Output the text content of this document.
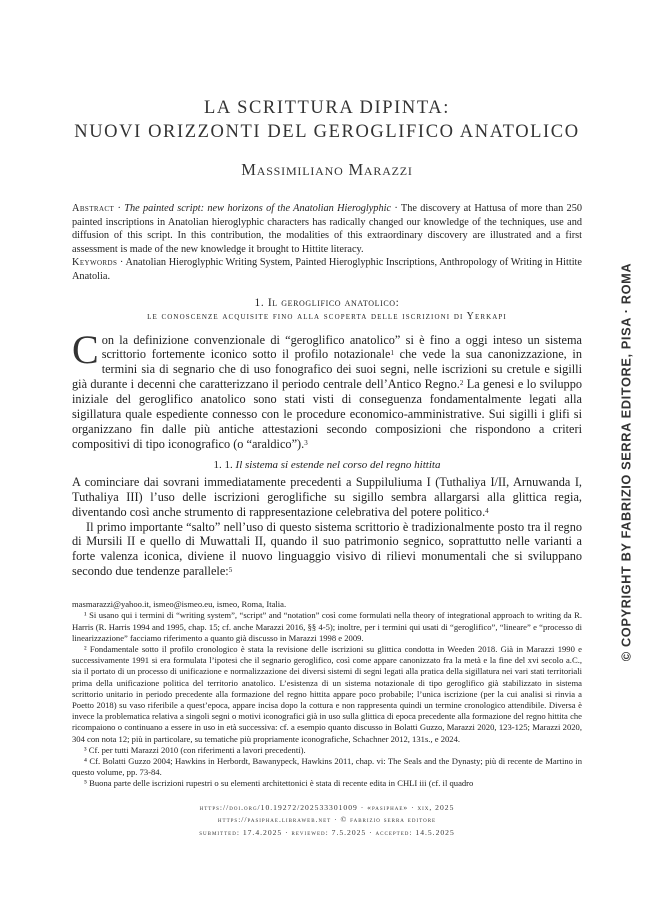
LA SCRITTURA DIPINTA:
NUOVI ORIZZONTI DEL GEROGLIFICO ANATOLICO
Massimiliano Marazzi
Abstract · The painted script: new horizons of the Anatolian Hieroglyphic · The discovery at Hattusa of more than 250 painted inscriptions in Anatolian hieroglyphic characters has radically changed our knowledge of the techniques, use and diffusion of this script. In this contribution, the modalities of this extraordinary discovery are illustrated and a first assessment is made of the new knowledge it brought to Hittite literacy.
Keywords · Anatolian Hieroglyphic Writing System, Painted Hieroglyphic Inscriptions, Anthropology of Writing in Hittite Anatolia.
1. Il geroglifico anatolico:
le conoscenze acquisite fino alla scoperta delle iscrizioni di Yerkapi
Con la definizione convenzionale di “geroglifico anatolico” si è fino a oggi inteso un sistema scrittorio fortemente iconico sotto il profilo notazionale$^1$ che vede la sua canonizzazione, in termini sia di segnario che di uso fonografico dei suoi segni, nelle iscrizioni su cretule e sigilli già durante i decenni che caratterizzano il periodo centrale dell’Antico Regno.$^2$ La genesi e lo sviluppo iniziale del geroglifico anatolico sono stati visti di conseguenza fondamentalmente legati alla sigillatura quale espediente connesso con le procedure economico-amministrative. Sui sigilli i glifi si organizzano fin dalle più antiche attestazioni secondo composizioni che rispondono a criteri compositivi di tipo iconografico (o “araldico”).$^3$
1. 1. Il sistema si estende nel corso del regno hittita
A cominciare dai sovrani immediatamente precedenti a Suppiluliuma I (Tuthaliya I/II, Arnuwanda I, Tuthaliya III) l’uso delle iscrizioni geroglifiche su sigillo sembra allargarsi alla glittica regia, diventando così anche strumento di rappresentazione celebrativa del potere politico.$^4$
Il primo importante “salto” nell’uso di questo sistema scrittorio è tradizionalmente posto tra il regno di Mursili II e quello di Muwattali II, quando il suo patrimonio segnico, soprattutto nelle varianti a forte valenza iconica, diviene il nuovo linguaggio visivo di rilievi monumentali che si sviluppano secondo due tendenze parallele:$^5$
masmarazzi@yahoo.it, ismeo@ismeo.eu, ismeo, Roma, Italia.
¹ Si usano qui i termini di “writing system”, “script” and “notation” così come formulati nella theory of integrational approach to writing da R. Harris (R. Harris 1994 and 1995, chap. 15; cf. anche Marazzi 2016, §§ 4-5); inoltre, per i termini qui usati di “geroglifico”, “lineare” e “processo di linearizzazione” facciamo riferimento a quanto già discusso in Marazzi 1998 e 2009.
² Fondamentale sotto il profilo cronologico è stata la revisione delle iscrizioni su glittica condotta in Weeden 2018. Già in Marazzi 1990 e successivamente 1991 si era formulata l’ipotesi che il segnario geroglifico, così come appare canonizzato fra la metà e la fine del xvi secolo a.C., sia il portato di un processo di unificazione e normalizzazione dei diversi sistemi di segni legati alla pratica della sigillatura nei vari stati territoriali prima della unificazione politica del territorio anatolico. L’esistenza di un sistema notazionale di tipo geroglifico già stabilizzato in sistema scrittorio unitario in periodo precedente alla formazione del regno hittita appare poco probabile; l’unica iscrizione (per la cui analisi si rinvia a Poetto 2018) su vaso riferibile a quest’epoca, appare incisa dopo la cottura e non rappresenta quindi un termine cronologico attendibile. Diversa è invece la problematica relativa a singoli segni o motivi iconografici già in uso sulla glittica di epoca precedente alla formazione del regno hittita che ricompaiono o continuano a essere in uso in età successiva: cf. a esempio quanto discusso in Bolatti Guzzo, Marazzi 2020, 123-125; Marazzi 2020, 304 con nota 12; più in particolare, su tematiche più propriamente iconografiche, Schachner 2012, 131s., e 2024.
³ Cf. per tutti Marazzi 2010 (con riferimenti a lavori precedenti).
⁴ Cf. Bolatti Guzzo 2004; Hawkins in Herbordt, Bawanypeck, Hawkins 2011, chap. vi: The Seals and the Dynasty; più di recente de Martino in questo volume, pp. 73-84.
⁵ Buona parte delle iscrizioni rupestri o su elementi architettonici è stata di recente edita in CHLI iii (cf. il quadro
https://doi.org/10.19272/202533301009 · «pasiphae» · xix, 2025
https://pasiphae.libraweb.net · © fabrizio serra editore
submitted: 17.4.2025 · reviewed: 7.5.2025 · accepted: 14.5.2025
© COPYRIGHT BY FABRIZIO SERRA EDITORE, PISA · ROMA
